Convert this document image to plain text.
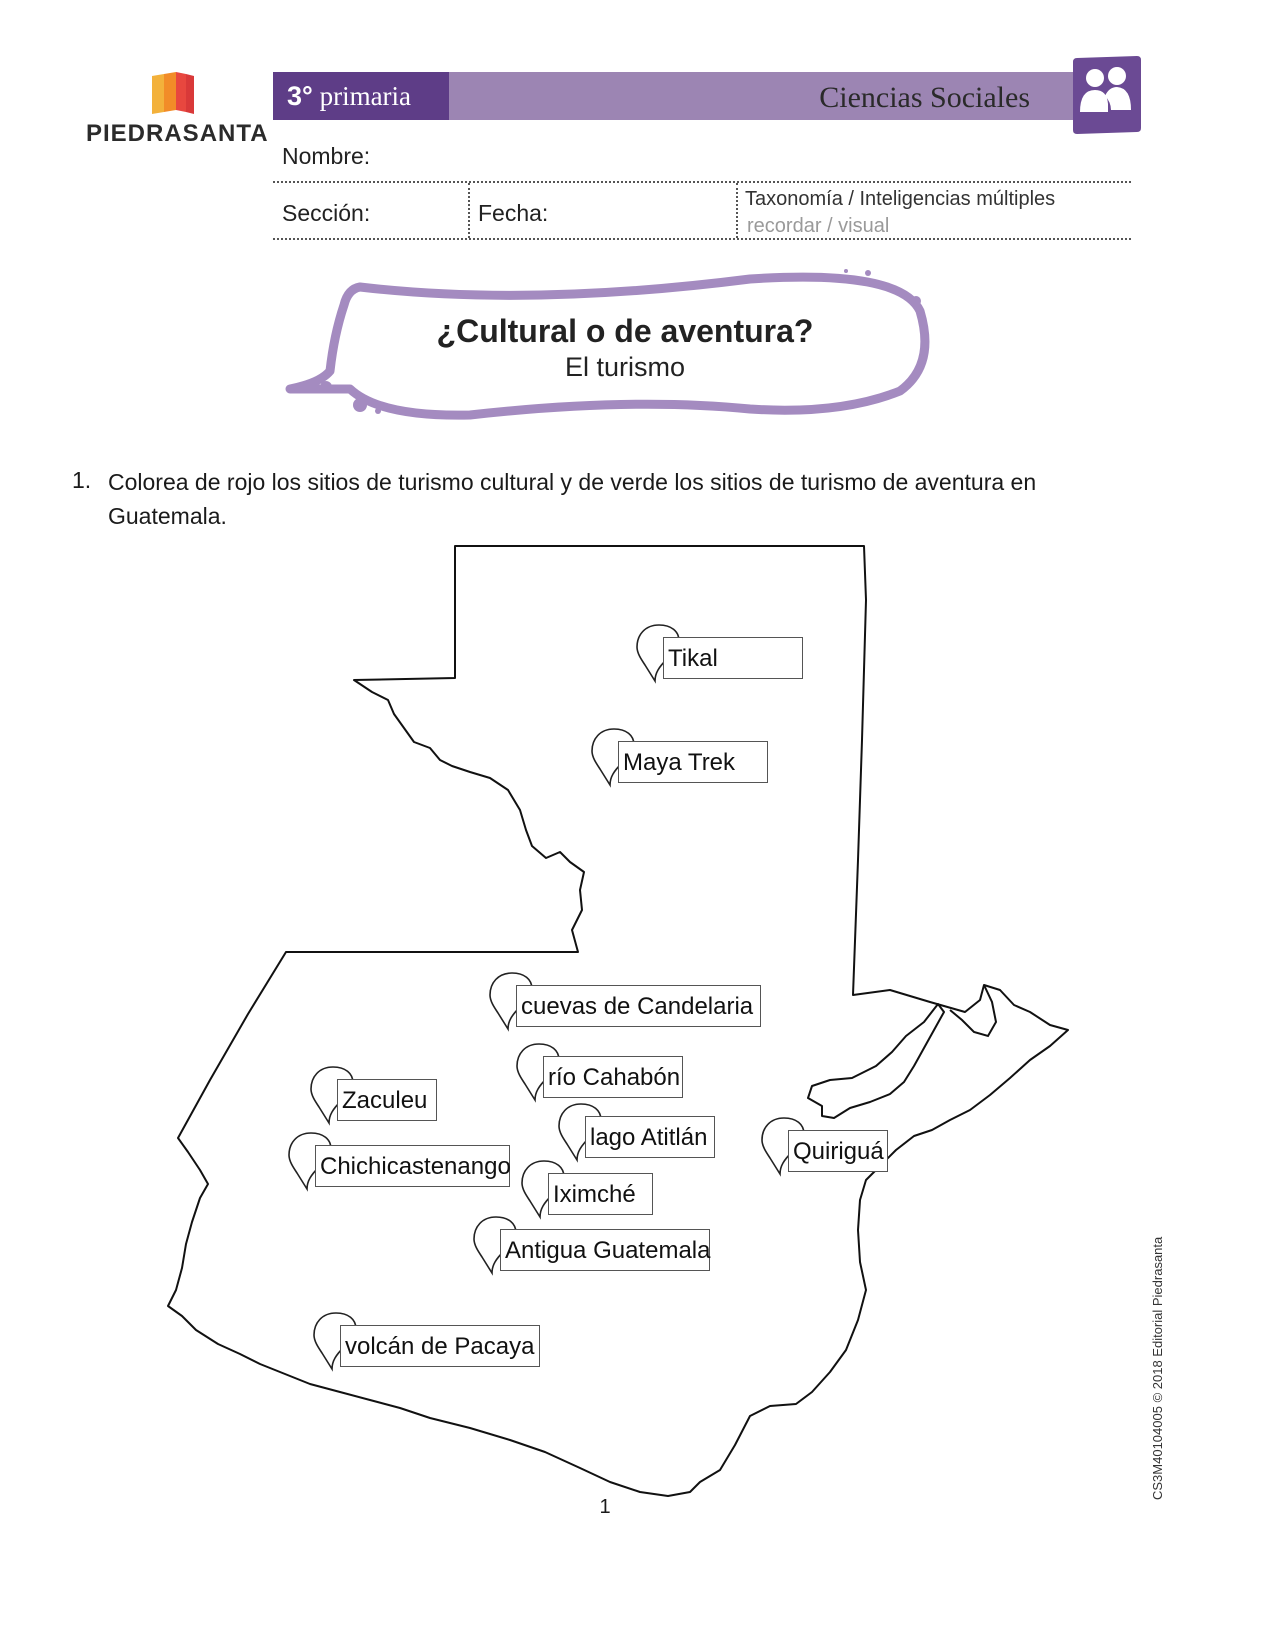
PIEDRASANTA
3° primaria	Ciencias Sociales
Nombre:
Sección:	Fecha:
Taxonomía / Inteligencias múltiples
recordar / visual
¿Cultural o de aventura?
El turismo
1. Colorea de rojo los sitios de turismo cultural y de verde los sitios de turismo de aventura en Guatemala.
Tikal
Maya Trek
cuevas de Candelaria
río Cahabón
Zaculeu
lago Atitlán
Quiriguá
Chichicastenango
Iximché
Antigua Guatemala
volcán de Pacaya
1
CS3M40104005 © 2018 Editorial Piedrasanta
